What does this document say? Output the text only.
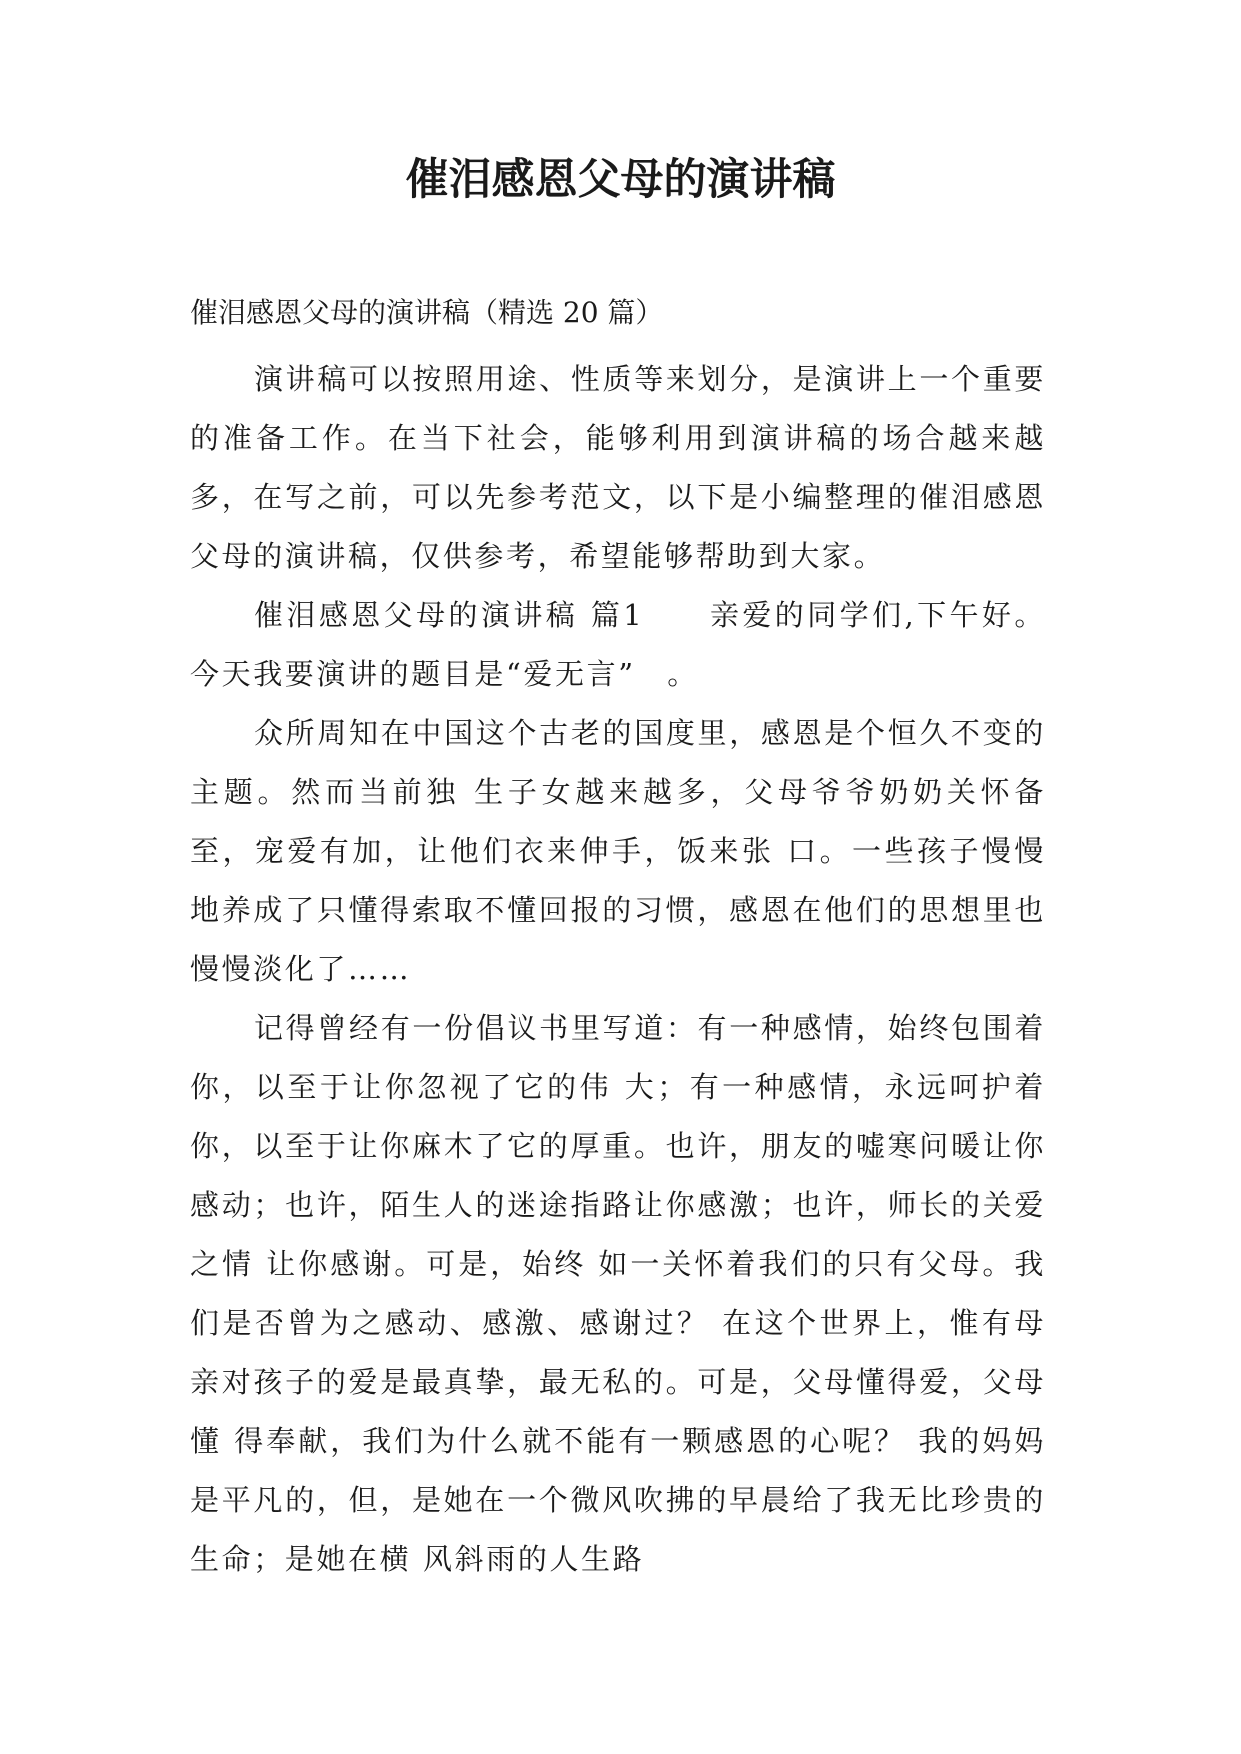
催泪感恩父母的演讲稿
催泪感恩父母的演讲稿（精选 20 篇）

演讲稿可以按照用途、性质等来划分，是演讲上一个重要的准备工作。在当下社会，能够利用到演讲稿的场合越来越多，在写之前，可以先参考范文，以下是小编整理的催泪感恩父母的演讲稿，仅供参考，希望能够帮助到大家。

催泪感恩父母的演讲稿 篇1　　亲爱的同学们,下午好。今天我要演讲的题目是“爱无言”　。

众所周知在中国这个古老的国度里，感恩是个恒久不变的主题。然而当前独 生子女越来越多，父母爷爷奶奶关怀备至，宠爱有加，让他们衣来伸手，饭来张 口。一些孩子慢慢地养成了只懂得索取不懂回报的习惯，感恩在他们的思想里也 慢慢淡化了……

记得曾经有一份倡议书里写道：有一种感情，始终包围着你，以至于让你忽视了它的伟 大；有一种感情，永远呵护着你，以至于让你麻木了它的厚重。也许，朋友的嘘寒问暖让你 感动；也许，陌生人的迷途指路让你感激；也许，师长的关爱之情 让你感谢。可是，始终 如一关怀着我们的只有父母。我们是否曾为之感动、感激、感谢过？ 在这个世界上，惟有母亲对孩子的爱是最真挚，最无私的。可是，父母懂得爱，父母懂 得奉献，我们为什么就不能有一颗感恩的心呢？ 我的妈妈是平凡的，但，是她在一个微风吹拂的早晨给了我无比珍贵的生命；是她在横 风斜雨的人生路
